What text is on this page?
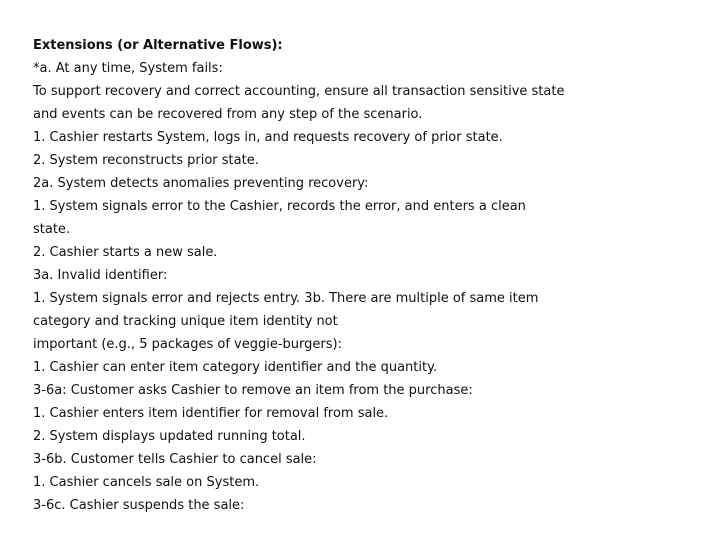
Extensions (or Alternative Flows):
*a. At any time, System fails:
To support recovery and correct accounting, ensure all transaction sensitive state
and events can be recovered from any step of the scenario.
1. Cashier restarts System, logs in, and requests recovery of prior state.
2. System reconstructs prior state.
2a. System detects anomalies preventing recovery:
1. System signals error to the Cashier, records the error, and enters a clean
state.
2. Cashier starts a new sale.
3a. Invalid identifier:
1. System signals error and rejects entry. 3b. There are multiple of same item
category and tracking unique item identity not
important (e.g., 5 packages of veggie-burgers):
1. Cashier can enter item category identifier and the quantity.
3-6a: Customer asks Cashier to remove an item from the purchase:
1. Cashier enters item identifier for removal from sale.
2. System displays updated running total.
3-6b. Customer tells Cashier to cancel sale:
1. Cashier cancels sale on System.
3-6c. Cashier suspends the sale:
